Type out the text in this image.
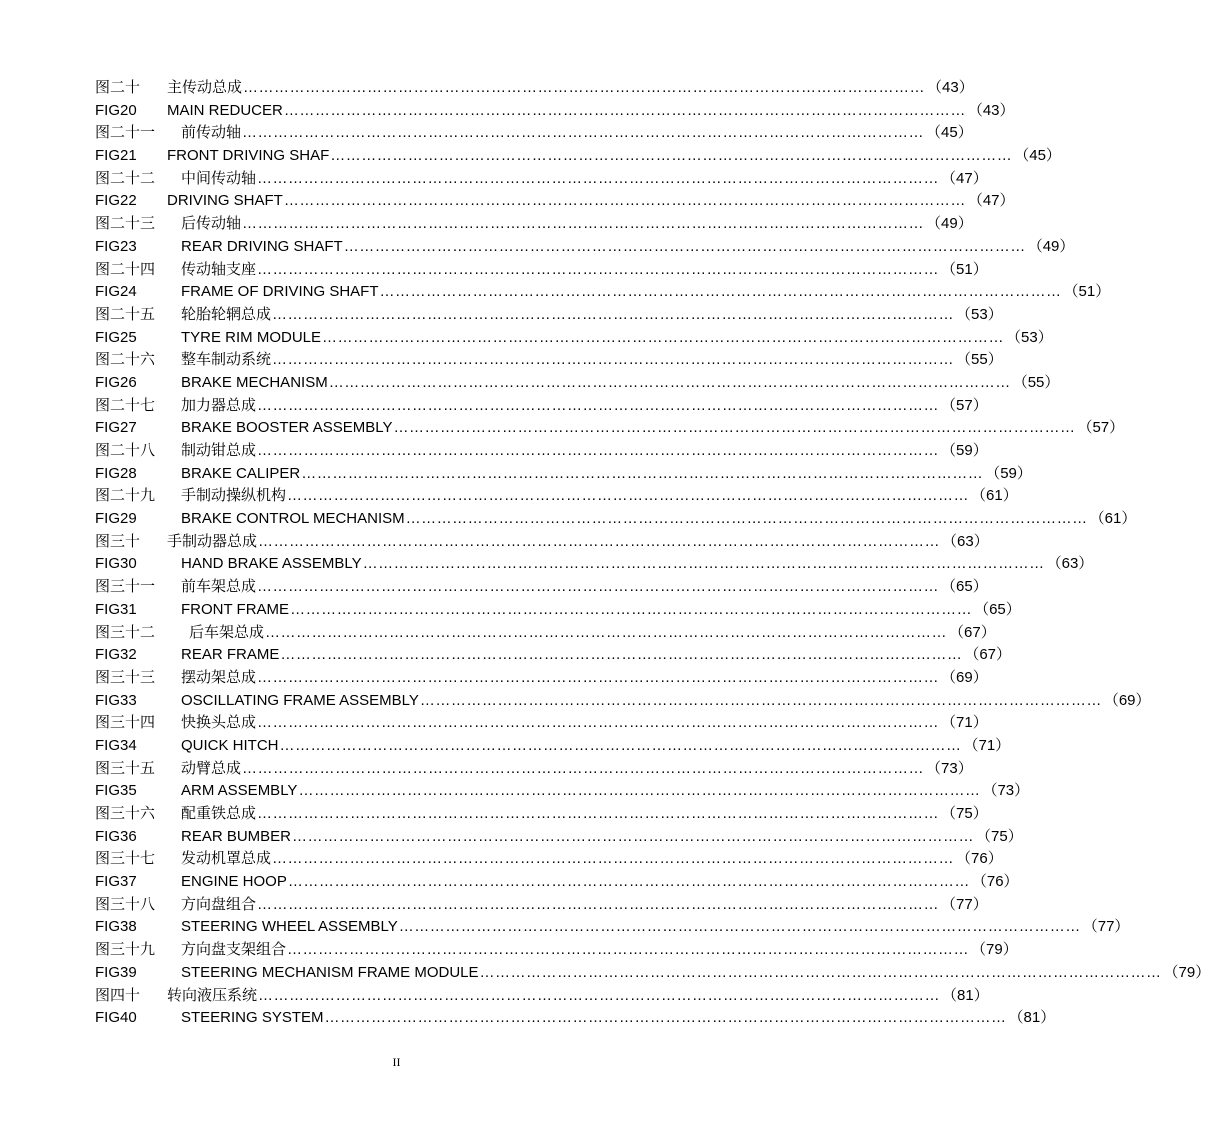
图二十	主传动总成 …………………………………………………………………………………………………………………… （43）
FIG20	MAIN REDUCER …………………………………………………………………………………………………………………… （43）
图二十一	前传动轴 …………………………………………………………………………………………………………………… （45）
FIG21	FRONT DRIVING SHAF …………………………………………………………………………………………………………………… （45）
图二十二	中间传动轴 …………………………………………………………………………………………………………………… （47）
FIG22	DRIVING SHAFT …………………………………………………………………………………………………………………… （47）
图二十三	后传动轴 …………………………………………………………………………………………………………………… （49）
FIG23	REAR DRIVING SHAFT …………………………………………………………………………………………………………………… （49）
图二十四	传动轴支座 …………………………………………………………………………………………………………………… （51）
FIG24	FRAME OF DRIVING SHAFT …………………………………………………………………………………………………………………… （51）
图二十五	轮胎轮辋总成 …………………………………………………………………………………………………………………… （53）
FIG25	TYRE RIM MODULE …………………………………………………………………………………………………………………… （53）
图二十六	整车制动系统 …………………………………………………………………………………………………………………… （55）
FIG26	BRAKE MECHANISM …………………………………………………………………………………………………………………… （55）
图二十七	加力器总成 …………………………………………………………………………………………………………………… （57）
FIG27	BRAKE BOOSTER ASSEMBLY …………………………………………………………………………………………………………………… （57）
图二十八	制动钳总成 …………………………………………………………………………………………………………………… （59）
FIG28	BRAKE CALIPER …………………………………………………………………………………………………………………… （59）
图二十九	手制动操纵机构 …………………………………………………………………………………………………………………… （61）
FIG29	BRAKE CONTROL MECHANISM …………………………………………………………………………………………………………………… （61）
图三十	手制动器总成 …………………………………………………………………………………………………………………… （63）
FIG30	HAND BRAKE ASSEMBLY …………………………………………………………………………………………………………………… （63）
图三十一	前车架总成 …………………………………………………………………………………………………………………… （65）
FIG31	FRONT FRAME …………………………………………………………………………………………………………………… （65）
图三十二	后车架总成 …………………………………………………………………………………………………………………… （67）
FIG32	REAR FRAME …………………………………………………………………………………………………………………… （67）
图三十三	摆动架总成 …………………………………………………………………………………………………………………… （69）
FIG33	OSCILLATING FRAME ASSEMBLY …………………………………………………………………………………………………………………… （69）
图三十四	快换头总成 …………………………………………………………………………………………………………………… （71）
FIG34	QUICK HITCH …………………………………………………………………………………………………………………… （71）
图三十五	动臂总成 …………………………………………………………………………………………………………………… （73）
FIG35	ARM ASSEMBLY …………………………………………………………………………………………………………………… （73）
图三十六	配重铁总成 …………………………………………………………………………………………………………………… （75）
FIG36	REAR BUMBER …………………………………………………………………………………………………………………… （75）
图三十七	发动机罩总成 …………………………………………………………………………………………………………………… （76）
FIG37	ENGINE HOOP …………………………………………………………………………………………………………………… （76）
图三十八	方向盘组合 …………………………………………………………………………………………………………………… （77）
FIG38	STEERING WHEEL ASSEMBLY …………………………………………………………………………………………………………………… （77）
图三十九	方向盘支架组合 …………………………………………………………………………………………………………………… （79）
FIG39	STEERING MECHANISM FRAME MODULE …………………………………………………………………………………………………………………… （79）
图四十	转向液压系统 …………………………………………………………………………………………………………………… （81）
FIG40	STEERING SYSTEM …………………………………………………………………………………………………………………… （81）
II
